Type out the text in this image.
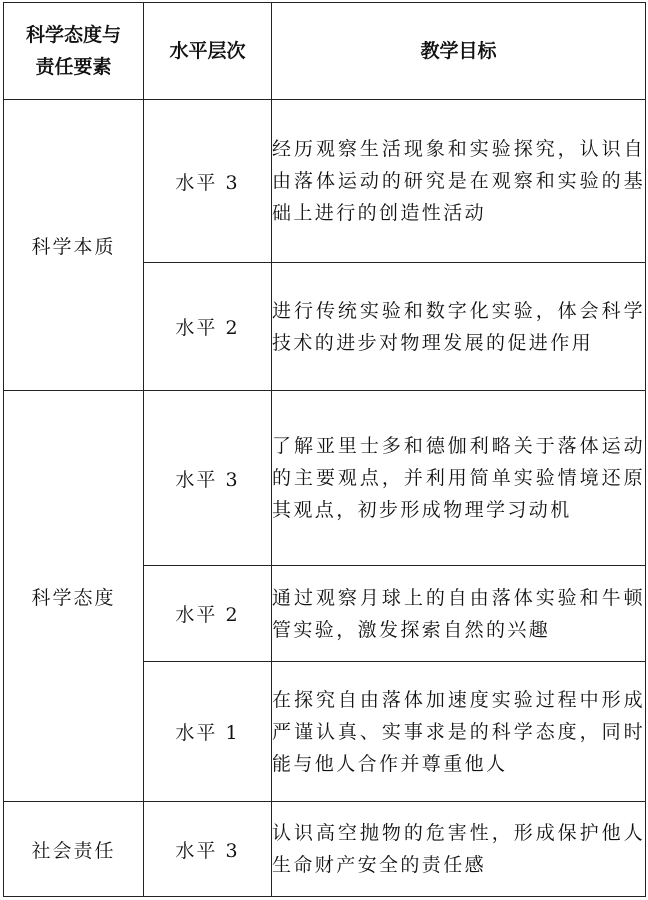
科学态度与
责任要素	水平层次	教学目标
科学本质	水平 3	经历观察生活现象和实验探究，认识自由落体运动的研究是在观察和实验的基础上进行的创造性活动
	水平 2	进行传统实验和数字化实验，体会科学技术的进步对物理发展的促进作用
科学态度	水平 3	了解亚里士多和德伽利略关于落体运动的主要观点，并利用简单实验情境还原其观点，初步形成物理学习动机
	水平 2	通过观察月球上的自由落体实验和牛顿管实验，激发探索自然的兴趣
	水平 1	在探究自由落体加速度实验过程中形成严谨认真、实事求是的科学态度，同时能与他人合作并尊重他人
社会责任	水平 3	认识高空抛物的危害性，形成保护他人生命财产安全的责任感
